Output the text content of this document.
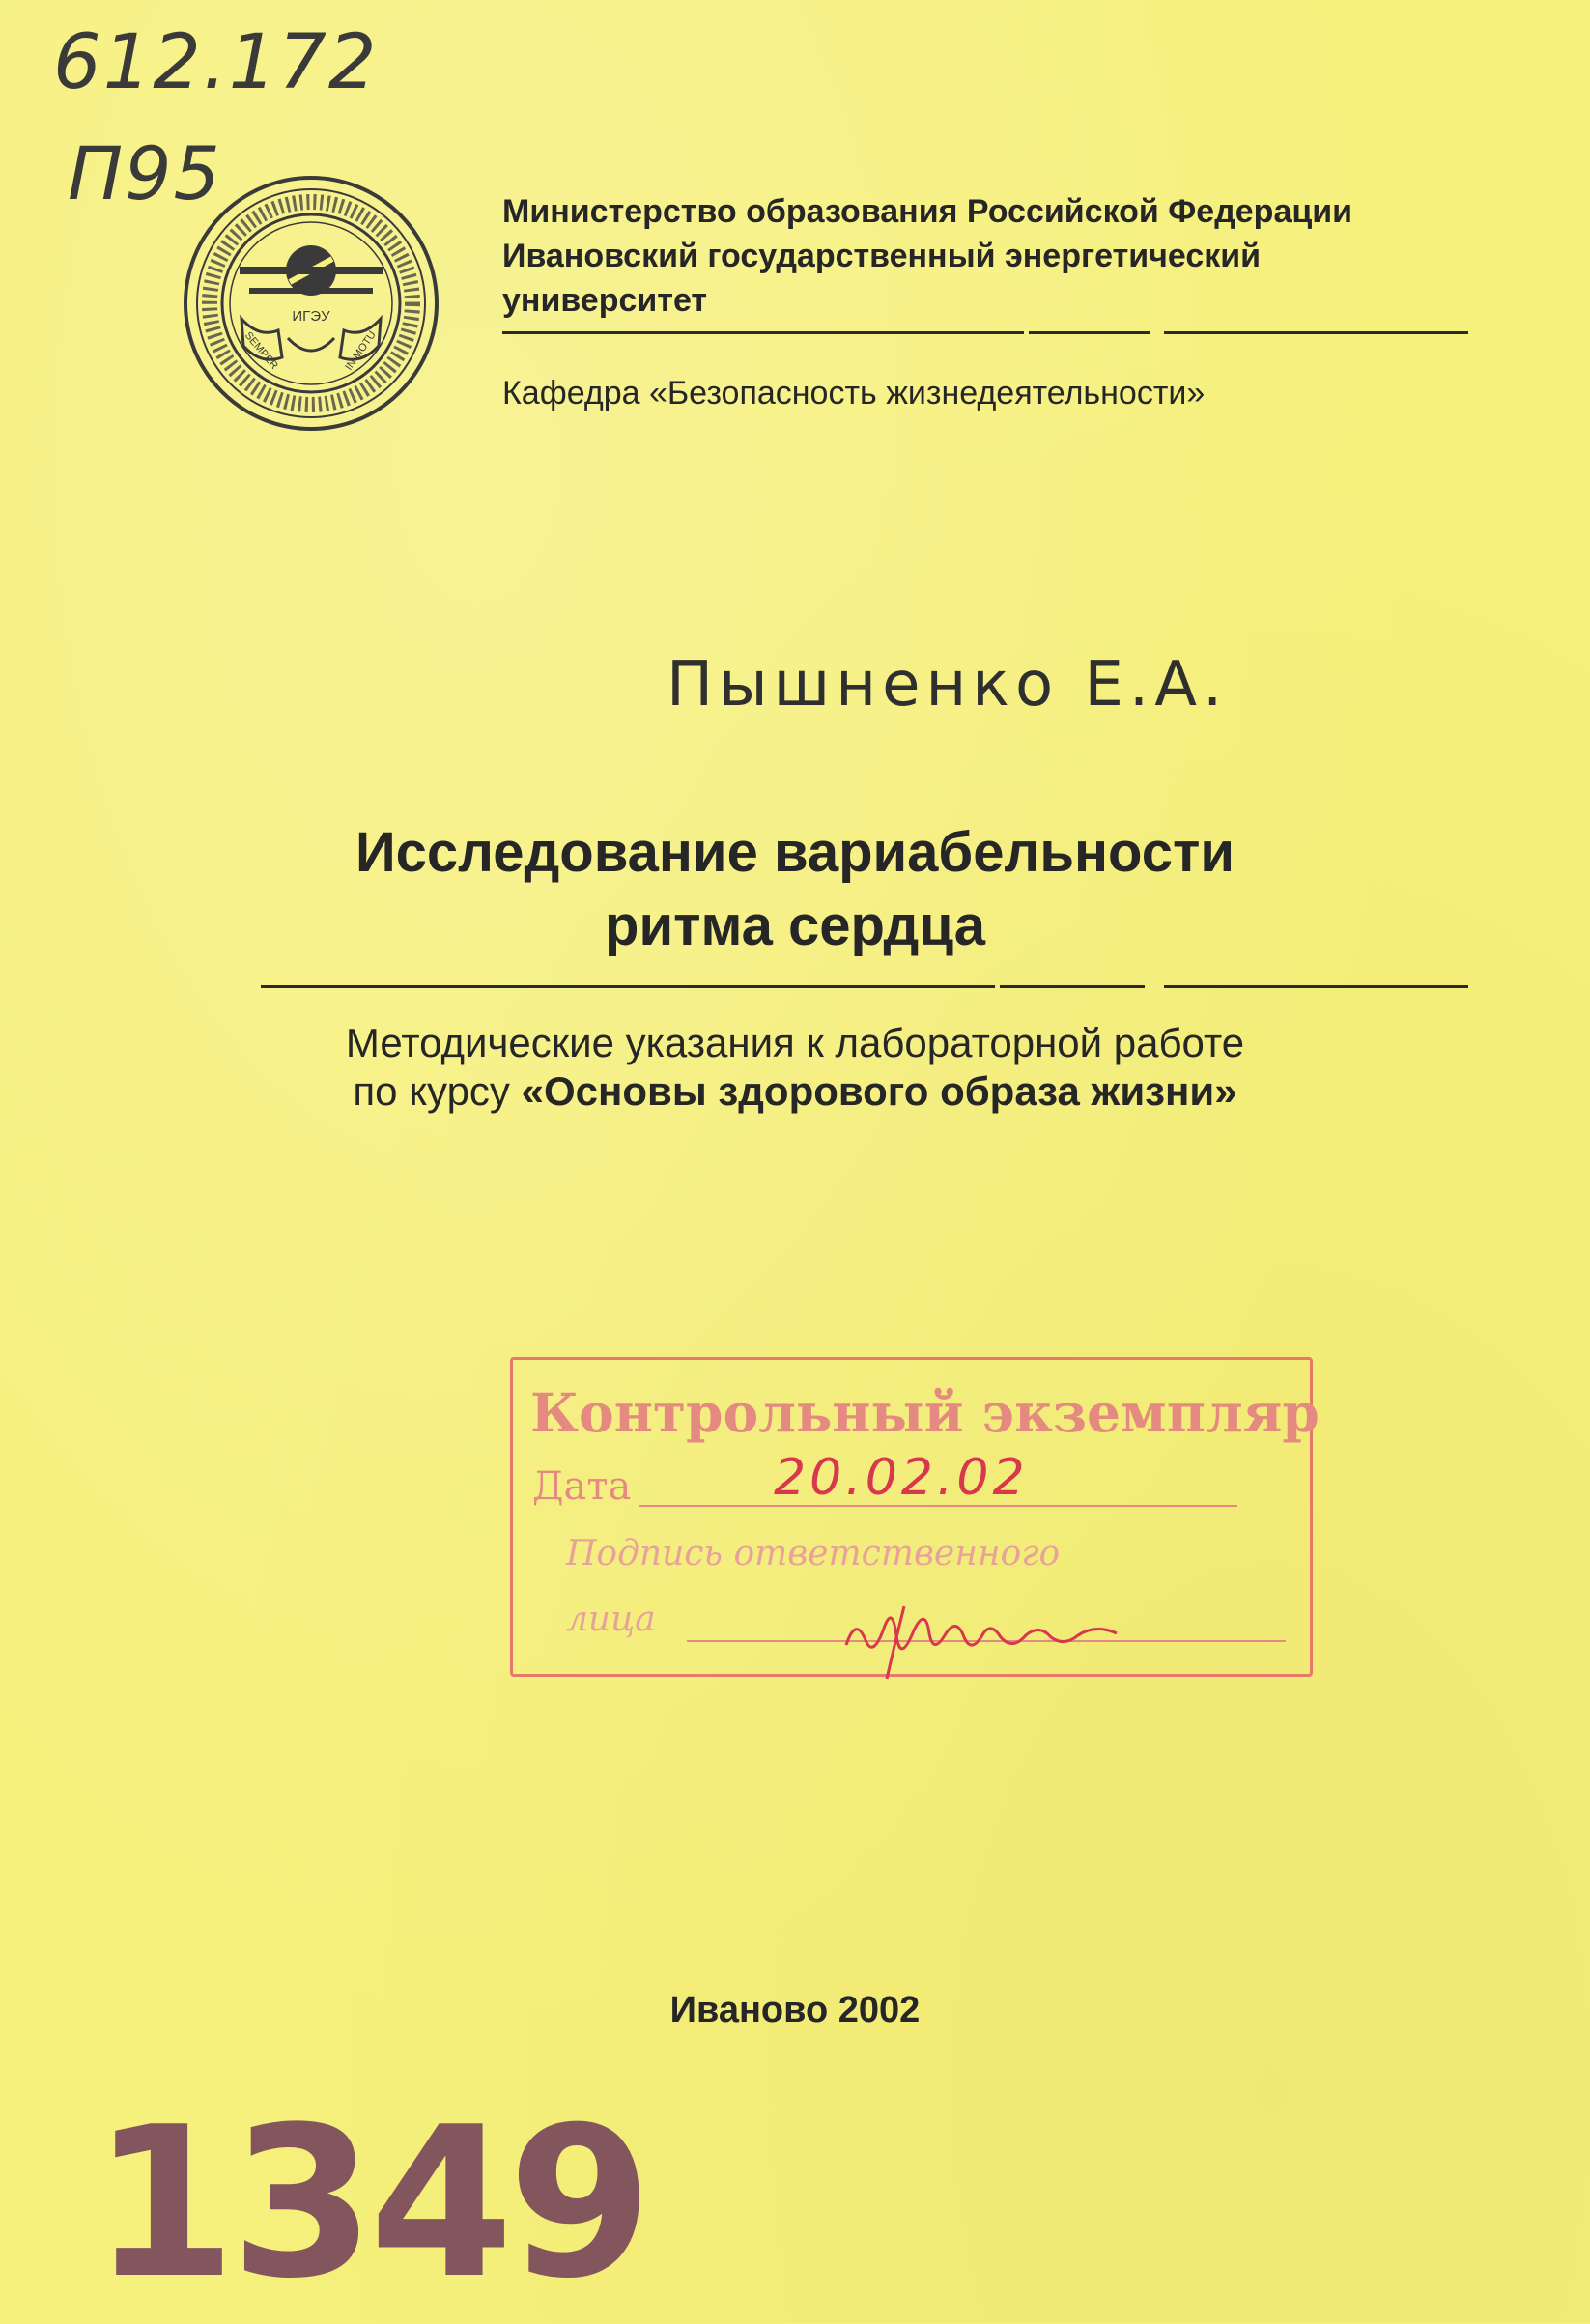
612.172
П95
ИГЭУ
SEMPER	IN MOTU
Министерство образования Российской Федерации
Ивановский государственный энергетический
университет
Кафедра «Безопасность жизнедеятельности»
Пышненко Е.А.
Исследование вариабельности
ритма сердца
Методические указания к лабораторной работе
по курсу «Основы здорового образа жизни»
Контрольный экземпляр
Дата	20.02.02
Подпись ответственного
лица
Иваново 2002
1349
